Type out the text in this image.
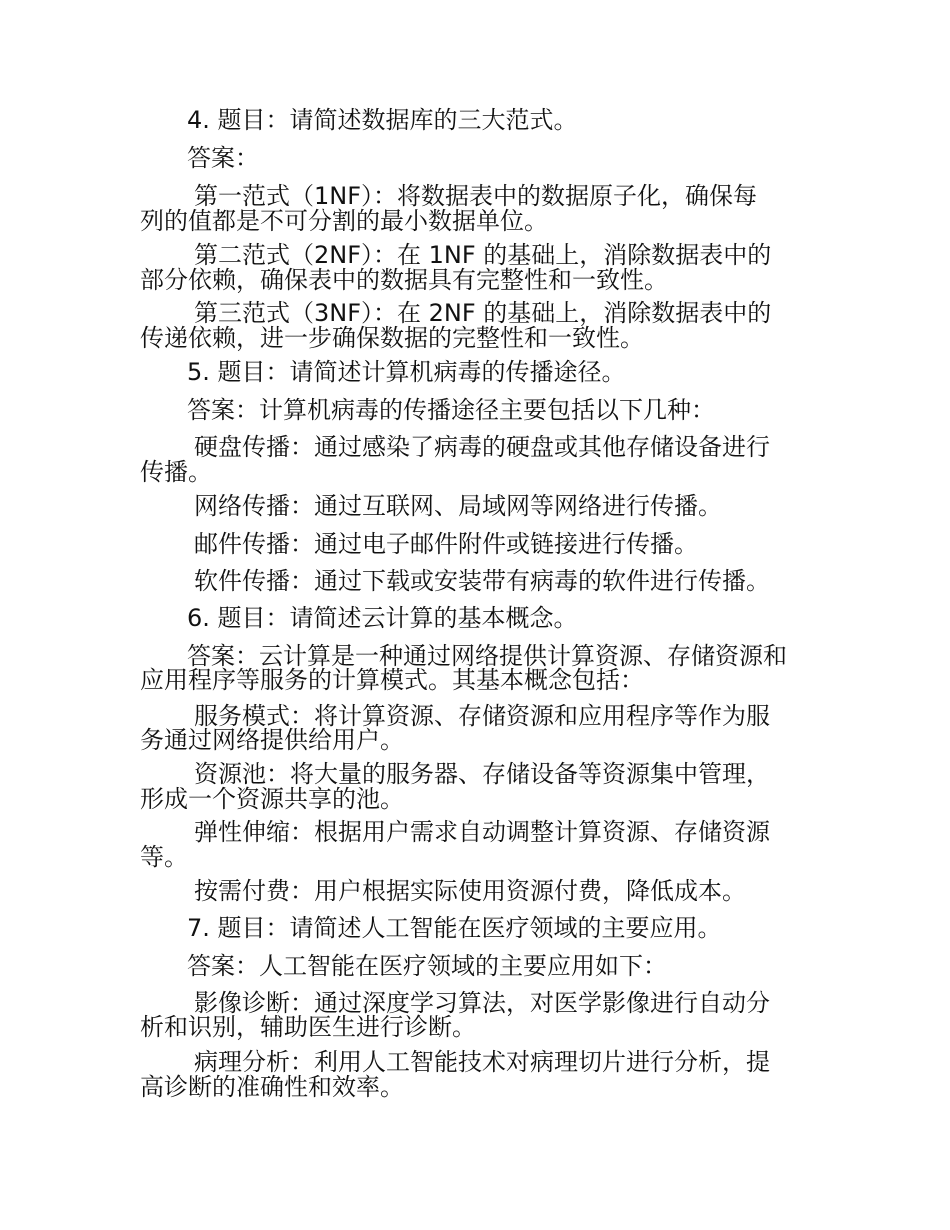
4. 题目：请简述数据库的三大范式。
答案：
第一范式（1NF）：将数据表中的数据原子化，确保每
列的值都是不可分割的最小数据单位。
第二范式（2NF）：在 1NF 的基础上，消除数据表中的
部分依赖，确保表中的数据具有完整性和一致性。
第三范式（3NF）：在 2NF 的基础上，消除数据表中的
传递依赖，进一步确保数据的完整性和一致性。
5. 题目：请简述计算机病毒的传播途径。
答案：计算机病毒的传播途径主要包括以下几种：
硬盘传播：通过感染了病毒的硬盘或其他存储设备进行
传播。
网络传播：通过互联网、局域网等网络进行传播。
邮件传播：通过电子邮件附件或链接进行传播。
软件传播：通过下载或安装带有病毒的软件进行传播。
6. 题目：请简述云计算的基本概念。
答案：云计算是一种通过网络提供计算资源、存储资源和
应用程序等服务的计算模式。其基本概念包括：
服务模式：将计算资源、存储资源和应用程序等作为服
务通过网络提供给用户。
资源池：将大量的服务器、存储设备等资源集中管理，
形成一个资源共享的池。
弹性伸缩：根据用户需求自动调整计算资源、存储资源
等。
按需付费：用户根据实际使用资源付费，降低成本。
7. 题目：请简述人工智能在医疗领域的主要应用。
答案：人工智能在医疗领域的主要应用如下：
影像诊断：通过深度学习算法，对医学影像进行自动分
析和识别，辅助医生进行诊断。
病理分析：利用人工智能技术对病理切片进行分析，提
高诊断的准确性和效率。
